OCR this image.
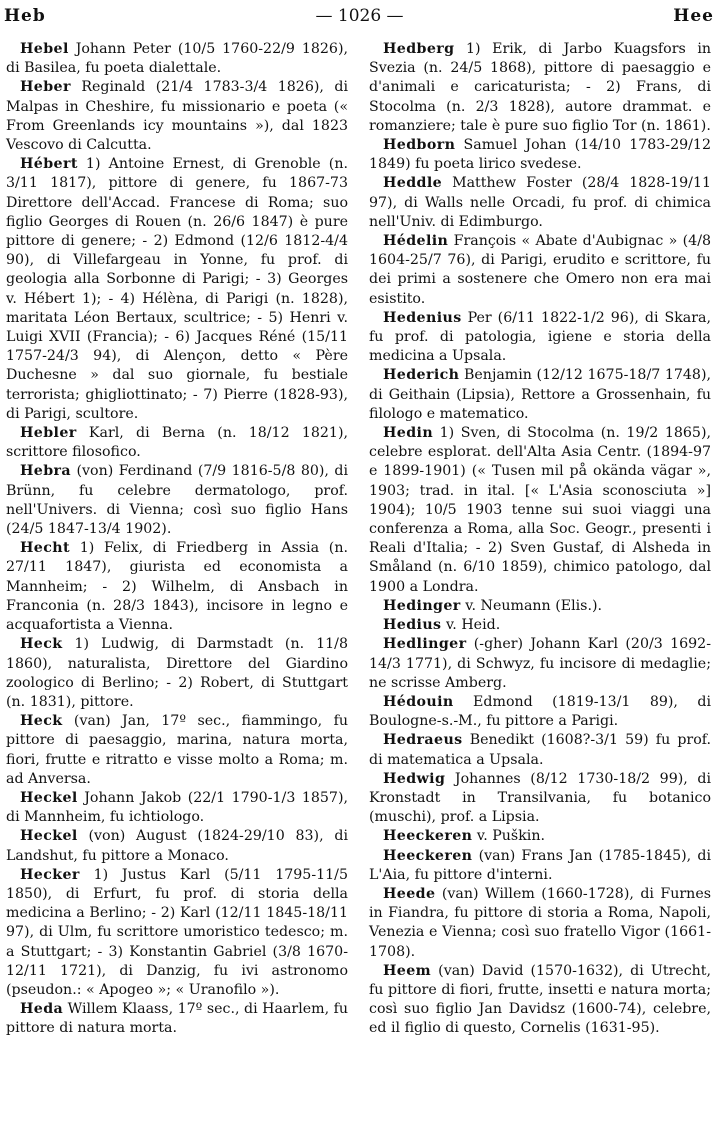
Heb	— 1026 —	Hee

Hebel Johann Peter (10/5 1760-22/9 1826), di Basilea, fu poeta dialettale.

Heber Reginald (21/4 1783-3/4 1826), di Malpas in Cheshire, fu missionario e poeta (« From Greenlands icy mountains »), dal 1823 Vescovo di Calcutta.

Hébert 1) Antoine Ernest, di Grenoble (n. 3/11 1817), pittore di genere, fu 1867-73 Direttore dell'Accad. Francese di Roma; suo figlio Georges di Rouen (n. 26/6 1847) è pure pittore di genere; - 2) Edmond (12/6 1812-4/4 90), di Villefargeau in Yonne, fu prof. di geologia alla Sorbonne di Parigi; - 3) Georges v. Hébert 1); - 4) Hélèna, di Parigi (n. 1828), maritata Léon Bertaux, scultrice; - 5) Henri v. Luigi XVII (Francia); - 6) Jacques Réné (15/11 1757-24/3 94), di Alençon, detto « Père Duchesne » dal suo giornale, fu bestiale terrorista; ghigliottinato; - 7) Pierre (1828-93), di Parigi, scultore.

Hebler Karl, di Berna (n. 18/12 1821), scrittore filosofico.

Hebra (von) Ferdinand (7/9 1816-5/8 80), di Brünn, fu celebre dermatologo, prof. nell'Univers. di Vienna; così suo figlio Hans (24/5 1847-13/4 1902).

Hecht 1) Felix, di Friedberg in Assia (n. 27/11 1847), giurista ed economista a Mannheim; - 2) Wilhelm, di Ansbach in Franconia (n. 28/3 1843), incisore in legno e acquafortista a Vienna.

Heck 1) Ludwig, di Darmstadt (n. 11/8 1860), naturalista, Direttore del Giardino zoologico di Berlino; - 2) Robert, di Stuttgart (n. 1831), pittore.

Heck (van) Jan, 17º sec., fiammingo, fu pittore di paesaggio, marina, natura morta, fiori, frutte e ritratto e visse molto a Roma; m. ad Anversa.

Heckel Johann Jakob (22/1 1790-1/3 1857), di Mannheim, fu ichtiologo.

Heckel (von) August (1824-29/10 83), di Landshut, fu pittore a Monaco.

Hecker 1) Justus Karl (5/11 1795-11/5 1850), di Erfurt, fu prof. di storia della medicina a Berlino; - 2) Karl (12/11 1845-18/11 97), di Ulm, fu scrittore umoristico tedesco; m. a Stuttgart; - 3) Konstantin Gabriel (3/8 1670-12/11 1721), di Danzig, fu ivi astronomo (pseudon.: « Apogeo »; « Uranofilo »).

Heda Willem Klaass, 17º sec., di Haarlem, fu pittore di natura morta.

Hedberg 1) Erik, di Jarbo Kuagsfors in Svezia (n. 24/5 1868), pittore di paesaggio e d'animali e caricaturista; - 2) Frans, di Stocolma (n. 2/3 1828), autore drammat. e romanziere; tale è pure suo figlio Tor (n. 1861).

Hedborn Samuel Johan (14/10 1783-29/12 1849) fu poeta lirico svedese.

Heddle Matthew Foster (28/4 1828-19/11 97), di Walls nelle Orcadi, fu prof. di chimica nell'Univ. di Edimburgo.

Hédelin François « Abate d'Aubignac » (4/8 1604-25/7 76), di Parigi, erudito e scrittore, fu dei primi a sostenere che Omero non era mai esistito.

Hedenius Per (6/11 1822-1/2 96), di Skara, fu prof. di patologia, igiene e storia della medicina a Upsala.

Hederich Benjamin (12/12 1675-18/7 1748), di Geithain (Lipsia), Rettore a Grossenhain, fu filologo e matematico.

Hedin 1) Sven, di Stocolma (n. 19/2 1865), celebre esplorat. dell'Alta Asia Centr. (1894-97 e 1899-1901) (« Tusen mil på okända vägar », 1903; trad. in ital. [« L'Asia sconosciuta »] 1904); 10/5 1903 tenne sui suoi viaggi una conferenza a Roma, alla Soc. Geogr., presenti i Reali d'Italia; - 2) Sven Gustaf, di Alsheda in Småland (n. 6/10 1859), chimico patologo, dal 1900 a Londra.

Hedinger v. Neumann (Elis.).

Hedius v. Heid.

Hedlinger (-gher) Johann Karl (20/3 1692-14/3 1771), di Schwyz, fu incisore di medaglie; ne scrisse Amberg.

Hédouin Edmond (1819-13/1 89), di Boulogne-s.-M., fu pittore a Parigi.

Hedraeus Benedikt (1608?-3/1 59) fu prof. di matematica a Upsala.

Hedwig Johannes (8/12 1730-18/2 99), di Kronstadt in Transilvania, fu botanico (muschi), prof. a Lipsia.

Heeckeren v. Puškin.

Heeckeren (van) Frans Jan (1785-1845), di L'Aia, fu pittore d'interni.

Heede (van) Willem (1660-1728), di Furnes in Fiandra, fu pittore di storia a Roma, Napoli, Venezia e Vienna; così suo fratello Vigor (1661-1708).

Heem (van) David (1570-1632), di Utrecht, fu pittore di fiori, frutte, insetti e natura morta; così suo figlio Jan Davidsz (1600-74), celebre, ed il figlio di questo, Cornelis (1631-95).
